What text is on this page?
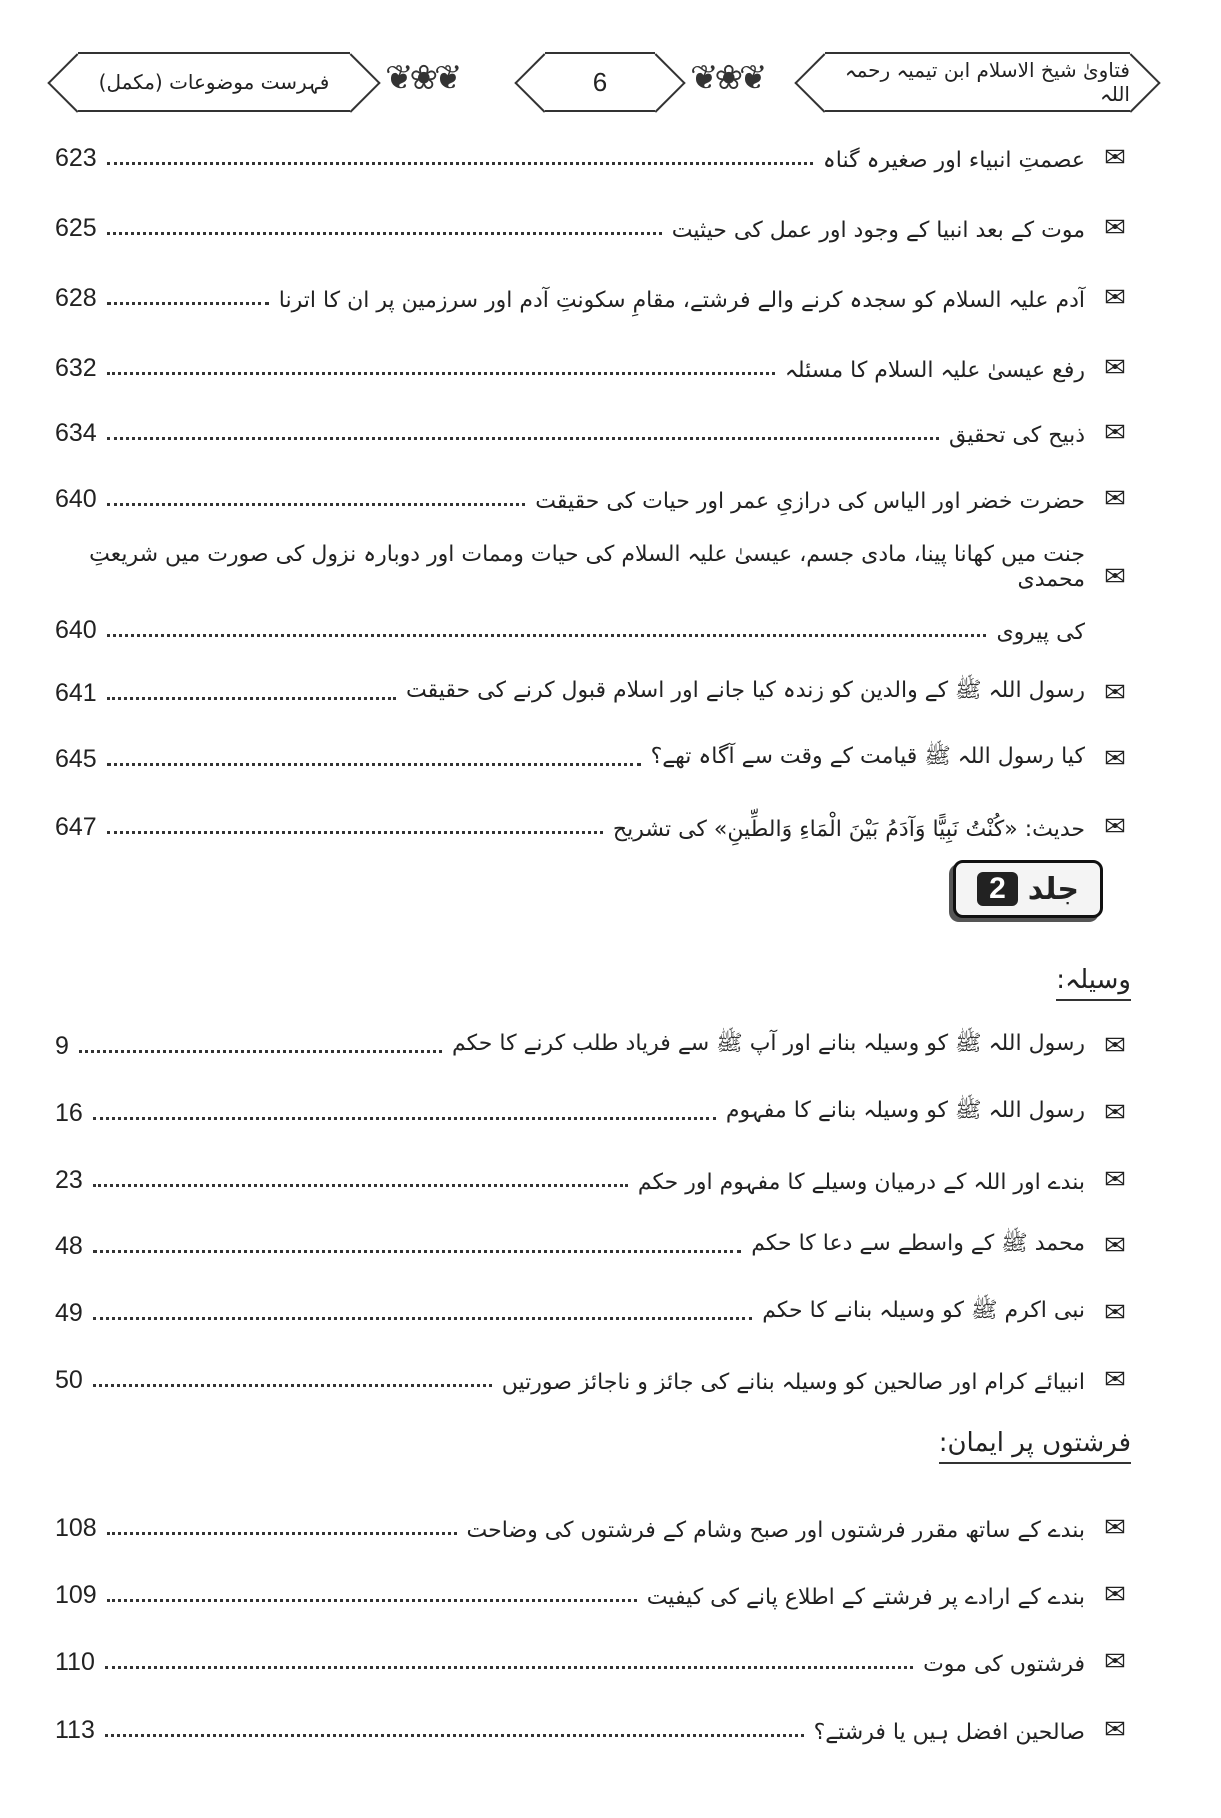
فتاویٰ شیخ الاسلام ابن تیمیہ رحمہ اللہ
❦❀❦
6
❦❀❦
فہرست موضوعات (مکمل)
✉
عصمتِ انبیاء اور صغیرہ گناہ
623
✉
موت کے بعد انبیا کے وجود اور عمل کی حیثیت
625
✉
آدم علیہ السلام کو سجدہ کرنے والے فرشتے، مقامِ سکونتِ آدم اور سرزمین پر ان کا اترنا
628
✉
رفع عیسیٰ علیہ السلام کا مسئلہ
632
✉
ذبیح کی تحقیق
634
✉
حضرت خضر اور الیاس کی درازیِ عمر اور حیات کی حقیقت
640
✉
جنت میں کھانا پینا، مادی جسم، عیسیٰ علیہ السلام کی حیات وممات اور دوبارہ نزول کی صورت میں شریعتِ محمدی
کی پیروی
640
✉
رسول اللہ ﷺ کے والدین کو زندہ کیا جانے اور اسلام قبول کرنے کی حقیقت
641
✉
کیا رسول اللہ ﷺ قیامت کے وقت سے آگاہ تھے؟
645
✉
حدیث: «كُنْتُ نَبِيًّا وَآدَمُ بَيْنَ الْمَاءِ وَالطِّينِ» کی تشریح
647
✉
رسول اللہ ﷺ کو وسیلہ بنانے اور آپ ﷺ سے فریاد طلب کرنے کا حکم
9
✉
رسول اللہ ﷺ کو وسیلہ بنانے کا مفہوم
16
✉
بندے اور اللہ کے درمیان وسیلے کا مفہوم اور حکم
23
✉
محمد ﷺ کے واسطے سے دعا کا حکم
48
✉
نبی اکرم ﷺ کو وسیلہ بنانے کا حکم
49
✉
انبیائے کرام اور صالحین کو وسیلہ بنانے کی جائز و ناجائز صورتیں
50
✉
بندے کے ساتھ مقرر فرشتوں اور صبح وشام کے فرشتوں کی وضاحت
108
✉
بندے کے ارادے پر فرشتے کے اطلاع پانے کی کیفیت
109
✉
فرشتوں کی موت
110
✉
صالحین افضل ہیں یا فرشتے؟
113
جلد
2
وسیلہ:
فرشتوں پر ایمان:
